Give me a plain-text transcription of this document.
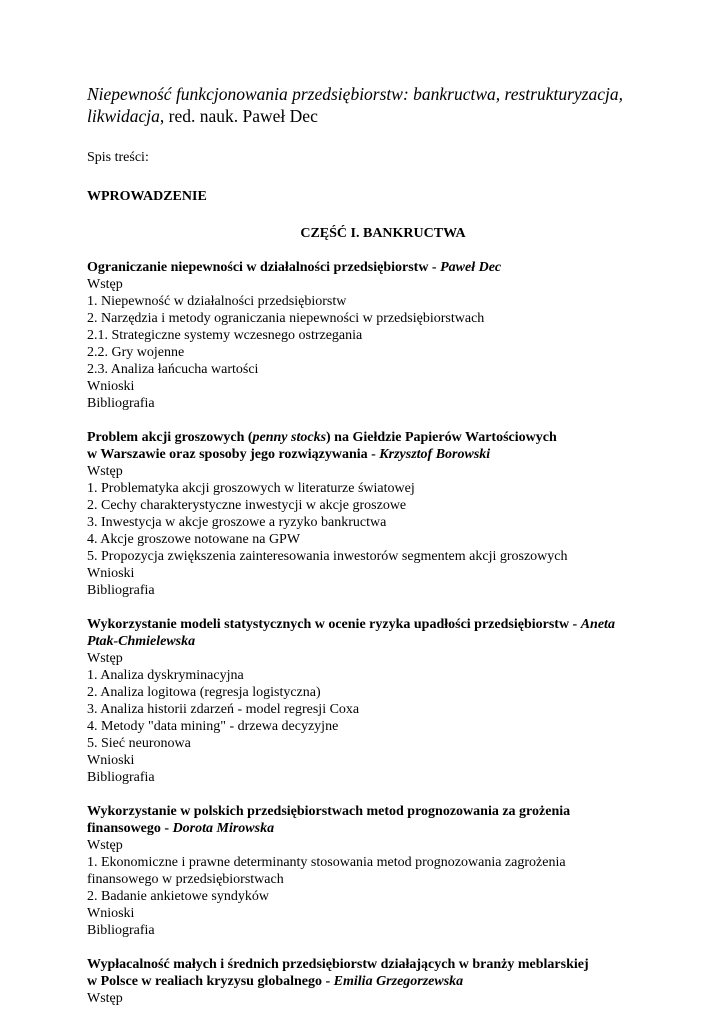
Niepewność funkcjonowania przedsiębiorstw: bankructwa, restrukturyzacja, likwidacja, red. nauk. Paweł Dec

Spis treści:

WPROWADZENIE

CZĘŚĆ I. BANKRUCTWA

Ograniczanie niepewności w działalności przedsiębiorstw - Paweł Dec

Wstęp
1. Niepewność w działalności przedsiębiorstw
2. Narzędzia i metody ograniczania niepewności w przedsiębiorstwach
2.1. Strategiczne systemy wczesnego ostrzegania
2.2. Gry wojenne
2.3. Analiza łańcucha wartości
Wnioski
Bibliografia

Problem akcji groszowych (penny stocks) na Giełdzie Papierów Wartościowych
w Warszawie oraz sposoby jego rozwiązywania - Krzysztof Borowski

Wstęp
1. Problematyka akcji groszowych w literaturze światowej
2. Cechy charakterystyczne inwestycji w akcje groszowe
3. Inwestycja w akcje groszowe a ryzyko bankructwa
4. Akcje groszowe notowane na GPW
5. Propozycja zwiększenia zainteresowania inwestorów segmentem akcji groszowych
Wnioski
Bibliografia

Wykorzystanie modeli statystycznych w ocenie ryzyka upadłości przedsiębiorstw - Aneta
Ptak-Chmielewska

Wstęp
1. Analiza dyskryminacyjna
2. Analiza logitowa (regresja logistyczna)
3. Analiza historii zdarzeń - model regresji Coxa
4. Metody "data mining" - drzewa decyzyjne
5. Sieć neuronowa
Wnioski
Bibliografia

Wykorzystanie w polskich przedsiębiorstwach metod prognozowania za grożenia
finansowego - Dorota Mirowska

Wstęp
1. Ekonomiczne i prawne determinanty stosowania metod prognozowania zagrożenia
finansowego w przedsiębiorstwach
2. Badanie ankietowe syndyków
Wnioski
Bibliografia

Wypłacalność małych i średnich przedsiębiorstw działających w branży meblarskiej
w Polsce w realiach kryzysu globalnego - Emilia Grzegorzewska

Wstęp
